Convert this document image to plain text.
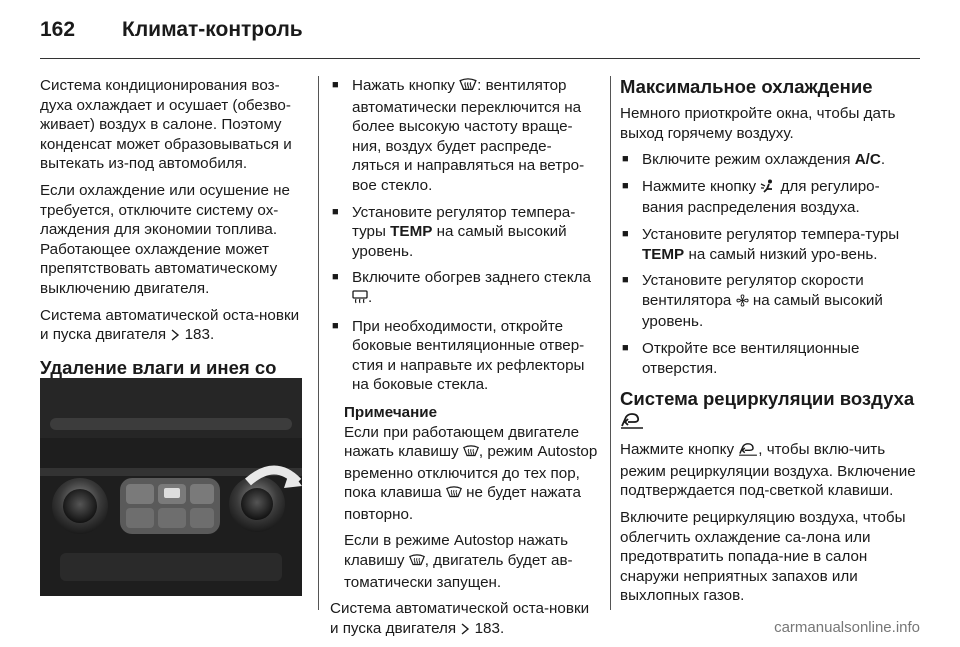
162	Климат-контроль

Система кондиционирования воз-духа охлаждает и осушает (обезво-живает) воздух в салоне. Поэтому конденсат может образовываться и вытекать из-под автомобиля.

Если охлаждение или осушение не требуется, отключите систему ох-лаждения для экономии топлива. Работающее охлаждение может препятствовать автоматическому выключению двигателя.

Система автоматической оста-новки и пуска двигателя 183.

Удаление влаги и инея со
■ Нажать кнопку : вентилятор автоматически переключится на более высокую частоту враще-ния, воздух будет распреде-ляться и направляться на ветро-вое стекло.
■ Установите регулятор темпера-туры TEMP на самый высокий уровень.
■ Включите обогрев заднего стекла .
■ При необходимости, откройте боковые вентиляционные отвер-стия и направьте их рефлекторы на боковые стекла.
Примечание

Если при работающем двигателе нажать клавишу , режим Autostop временно отключится до тех пор, пока клавиша не будет нажата повторно.

Если в режиме Autostop нажать клавишу , двигатель будет ав-томатически запущен.

Система автоматической оста-новки и пуска двигателя 183.

Максимальное охлаждение

Немного приоткройте окна, чтобы дать выход горячему воздуху.

■ Включите режим охлаждения A/C.
■ Нажмите кнопку для регулиро-вания распределения воздуха.
■ Установите регулятор темпера-туры TEMP на самый низкий уро-вень.
■ Установите регулятор скорости вентилятора на самый высокий уровень.
■ Откройте все вентиляционные отверстия.
Система рециркуляции воздуха

Нажмите кнопку , чтобы вклю-чить режим рециркуляции воздуха. Включение подтверждается под-светкой клавиши.

Включите рециркуляцию воздуха, чтобы облегчить охлаждение са-лона или предотвратить попада-ние в салон снаружи неприятных запахов или выхлопных газов.

carmanualsonline.info
